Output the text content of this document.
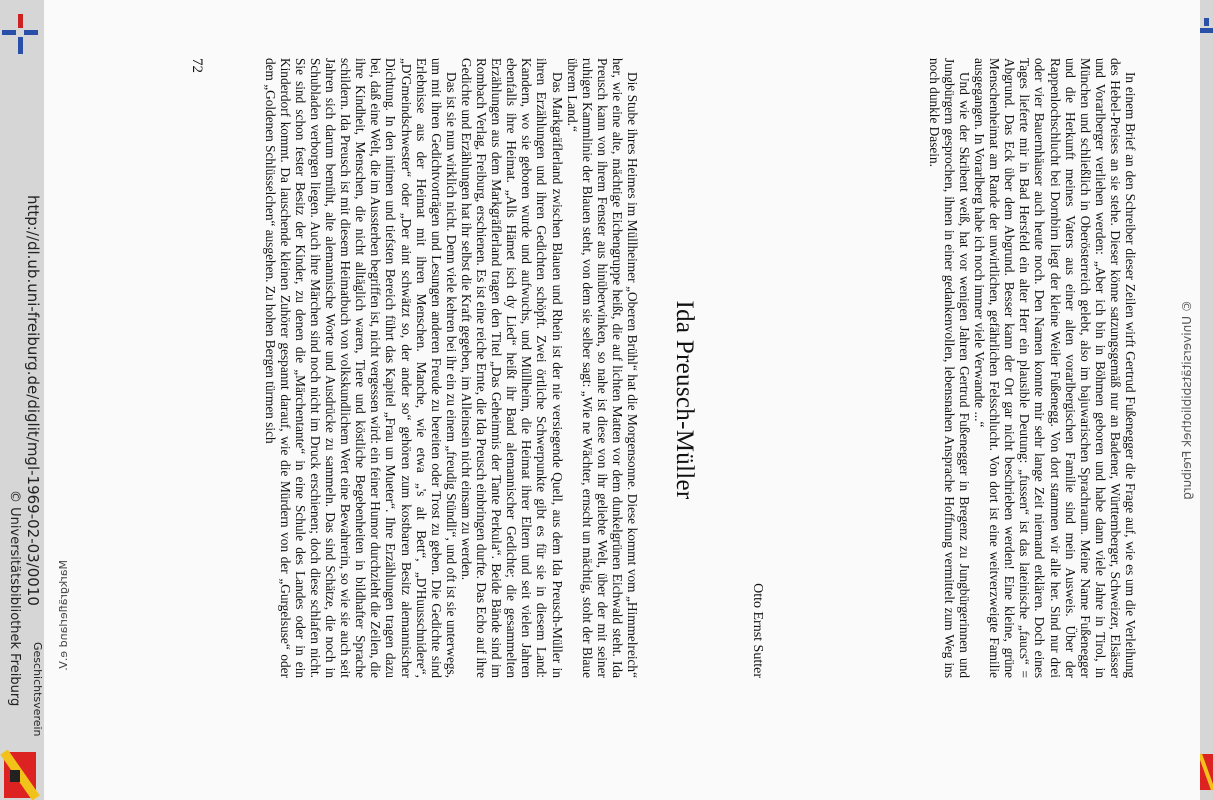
http://dl.ub.uni-freiburg.de/diglit/mgl-1969-02-03/0010
© Universitätsbibliothek Freiburg Geschichtsverein
© Universitätsbibliothek Freiburg

In einem Brief an den Schreiber dieser Zeilen wirft Gertrud Fußenegger die Frage auf, wie es um die Verleihung des Hebel-Preises an sie stehe. Dieser könne satzungsgemäß nur an Badener, Württemberger, Schweizer, Elsässer und Vorarlberger verliehen werden: „Aber ich bin in Böhmen geboren und habe dann viele Jahre in Tirol, in München und schließlich in Oberösterreich gelebt, also im bajuwarischen Sprachraum. Meine Name Fußenegger und die Herkunft meines Vaters aus einer alten vorarlbergischen Familie sind mein Ausweis. Über der Rappenlochschlucht bei Dornbirn liegt der kleine Weiler Fußenegg. Von dort stammen wir alle her. Sind nur drei oder vier Bauernhäuser auch heute noch. Den Namen konnte mir sehr lange Zeit niemand erklären. Doch eines Tages lieferte mir in Bad Hersfeld ein alter Herr ein plausible Deutung: „fussen“ ist das lateinische „faucs“ = Abgrund. Das Eck über dem Abgrund. Besser kann der Ort gar nicht beschrieben werden! Eine kleine, grüne Menschenheimat am Rande der unwirtlichen, gefährlichen Felsschlucht. Von dort ist eine weitverzweigte Familie ausgegangen. In Vorarlberg habe ich noch immer viele Verwandte ...“

Und wie der Skribent weiß, hat vor wenigen Jahren Gertrud Fußenegger in Bregenz zu Jungbürgerinnen und Jungbürgern gesprochen, ihnen in einer gedankenvollen, lebensnahen Ansprache Hoffnung vermittelt zum Weg ins noch dunkle Dasein.

Otto Ernst Sutter
Ida Preusch-Müller

Die Stube ihres Heimes im Müllheimer „Oberen Brühl“ hat die Morgensonne. Diese kommt vom „Himmelreich“ her, wie eine alte, mächtige Eichengruppe heißt, die auf lichten Matten vor dem dunkelgrünen Eichwald steht. Ida Preusch kann von ihrem Fenster aus hinüberwinken, so nahe ist diese von ihr geliebte Welt, über der mit seiner ruhigen Kammlinie der Blauen steht, von dem sie selber sagt: „Wie ne Wächter, ernscht un mächtig, stoht der Blaue übrem Land.“

Das Markgräflerland zwischen Blauen und Rhein ist der nie versiegende Quell, aus dem Ida Preusch-Müller in ihren Erzählungen und ihren Gedichten schöpft. Zwei örtliche Schwerpunkte gibt es für sie in diesem Land: Kandern, wo sie geboren wurde und aufwuchs, und Müllheim, die Heimat ihrer Eltern und seit vielen Jahren ebenfalls ihre Heimat. „Alls Hämet isch dy Lied“ heißt ihr Band alemannischer Gedichte; die gesammelten Erzählungen aus dem Markgräflerland tragen den Titel „Das Geheimnis der Tante Perkula“. Beide Bände sind im Rombach Verlag, Freiburg, erschienen. Es ist eine reiche Ernte, die Ida Preusch einbringen durfte. Das Echo auf ihre Gedichte und Erzählungen hat ihr selbst die Kraft gegeben, im Alleinsein nicht einsam zu werden.

Das ist sie nun wirklich nicht. Denn viele kehren bei ihr ein zu einem „freudig Stündli“, und oft ist sie unterwegs, um mit ihren Gedichtvorträgen und Lesungen anderen Freude zu bereiten oder Trost zu geben. Die Gedichte sind Erlebnisse aus der Heimat mit ihren Menschen. Manche, wie etwa „'s alt Bett“, „D'Huusschnidere“, „D'Gmeindschwester“ oder „Der aint schwätzt so, der ander so“ gehören zum kostbaren Besitz alemannischer Dichtung. In den intimen und tiefsten Bereich führt das Kapitel „Frau un Mueter“. Ihre Erzählungen tragen dazu bei, daß eine Welt, die im Aussterben begriffen ist, nicht vergessen wird: ein feiner Humor durchzieht die Zeilen, die ihre Kindheit, Menschen, die nicht alltäglich waren, Tiere und köstliche Begebenheiten in bildhafter Sprache schildern. Ida Preusch ist mit diesem Heimatbuch von volkskundlichem Wert eine Bewahrerin, so wie sie auch seit Jahren sich darum bemüht, alte alemannische Worte und Ausdrücke zu sammeln. Das sind Schätze, die noch in Schubladen verborgen liegen. Auch ihre Märchen sind noch nicht im Druck erschienen; doch diese schlafen nicht. Sie sind schon fester Besitz der Kinder, zu denen die „Märchentante“ in eine Schule des Landes oder in ein Kinderdorf kommt. Da lauschende kleinen Zuhörer gespannt darauf, wie die Mürdern von der „Gurgelsuse“ oder dem „Goldenen Schlüsselchen“ ausgehen. Zu hohen Bergen türmen sich

72
Markgräflerland e.V.
